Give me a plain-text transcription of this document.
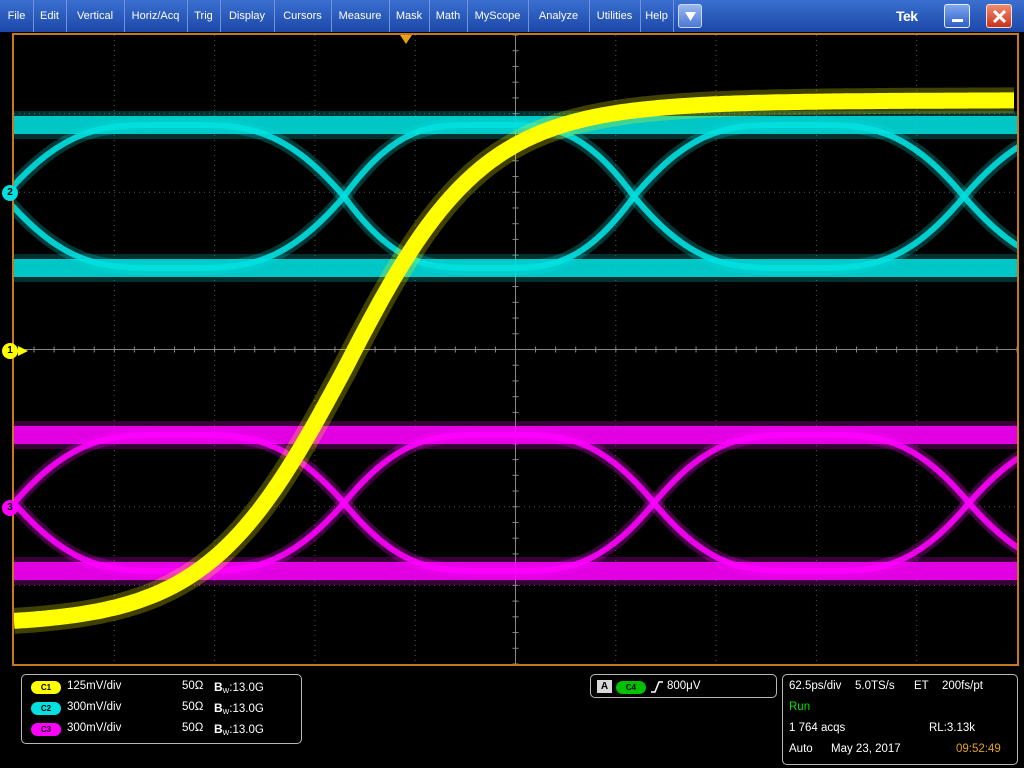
Tek
2
1
3
C1	125mV/div	50Ω $B_W:13.0G$
C2	300mV/div	50Ω $B_W:13.0G$
C3	300mV/div	50Ω $B_W:13.0G$
A	C4	800μV	62.5ps/div 5.0TS/s ET 200fs/pt
Run
1 764 acqs	RL:3.13k
Auto May 23, 2017	09:52:49
File	Edit	Vertical	Horiz/Acq	Trig	Display	Cursors	Measure	Mask	Math	MyScope	Analyze	Utilities	Help
